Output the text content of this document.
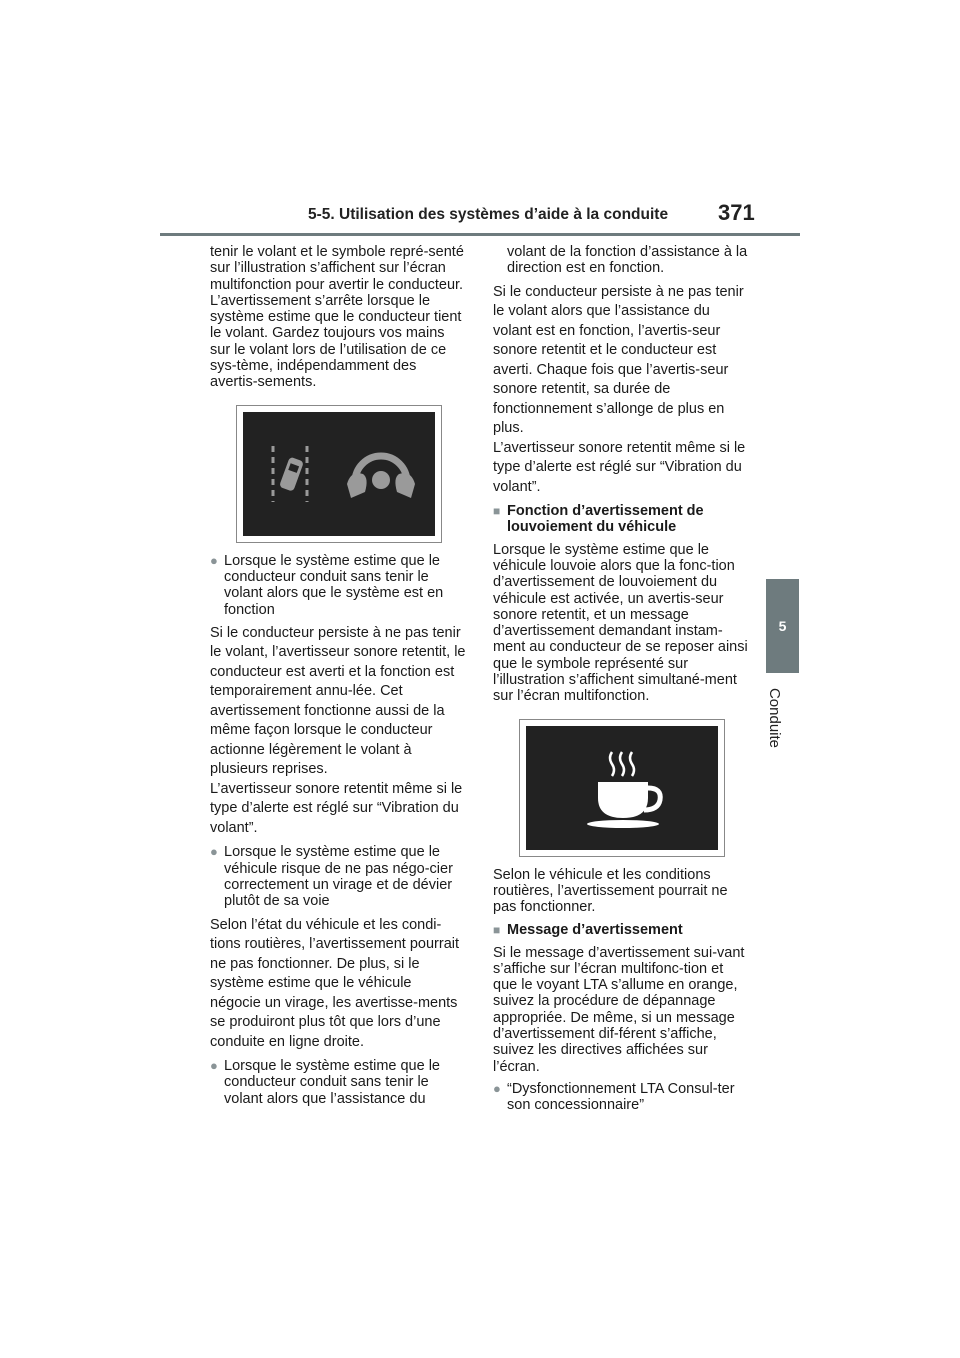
5-5. Utilisation des systèmes d’aide à la conduite 371
5
Conduite

tenir le volant et le symbole repré-senté sur l’illustration s’affichent sur l’écran multifonction pour avertir le conducteur. L’avertissement s’arrête lorsque le système estime que le conducteur tient le volant. Gardez toujours vos mains sur le volant lors de l’utilisation de ce sys-tème, indépendamment des avertis-sements.

● Lorsque le système estime que le conducteur conduit sans tenir le volant alors que le système est en fonction

Si le conducteur persiste à ne pas tenir le volant, l’avertisseur sonore retentit, le conducteur est averti et la fonction est temporairement annu-lée. Cet avertissement fonctionne aussi de la même façon lorsque le conducteur actionne légèrement le volant à plusieurs reprises.

L’avertisseur sonore retentit même si le type d’alerte est réglé sur “Vibration du volant”.

● Lorsque le système estime que le véhicule risque de ne pas négo-cier correctement un virage et de dévier plutôt de sa voie

Selon l’état du véhicule et les condi-tions routières, l’avertissement pourrait ne pas fonctionner. De plus, si le système estime que le véhicule négocie un virage, les avertisse-ments se produiront plus tôt que lors d’une conduite en ligne droite.

● Lorsque le système estime que le conducteur conduit sans tenir le volant alors que l’assistance du

volant de la fonction d’assistance à la direction est en fonction.

Si le conducteur persiste à ne pas tenir le volant alors que l’assistance du volant est en fonction, l’avertis-seur sonore retentit et le conducteur est averti. Chaque fois que l’avertis-seur sonore retentit, sa durée de fonctionnement s’allonge de plus en plus.

L’avertisseur sonore retentit même si le type d’alerte est réglé sur “Vibration du volant”.

■ Fonction d’avertissement de louvoiement du véhicule

Lorsque le système estime que le véhicule louvoie alors que la fonc-tion d’avertissement de louvoiement du véhicule est activée, un avertis-seur sonore retentit, et un message d’avertissement demandant instam-ment au conducteur de se reposer ainsi que le symbole représenté sur l’illustration s’affichent simultané-ment sur l’écran multifonction.

Selon le véhicule et les conditions routières, l’avertissement pourrait ne pas fonctionner.

■ Message d’avertissement

Si le message d’avertissement sui-vant s’affiche sur l’écran multifonc-tion et que le voyant LTA s’allume en orange, suivez la procédure de dépannage appropriée. De même, si un message d’avertissement dif-férent s’affiche, suivez les directives affichées sur l’écran.

● “Dysfonctionnement LTA Consul-ter son concessionnaire”
